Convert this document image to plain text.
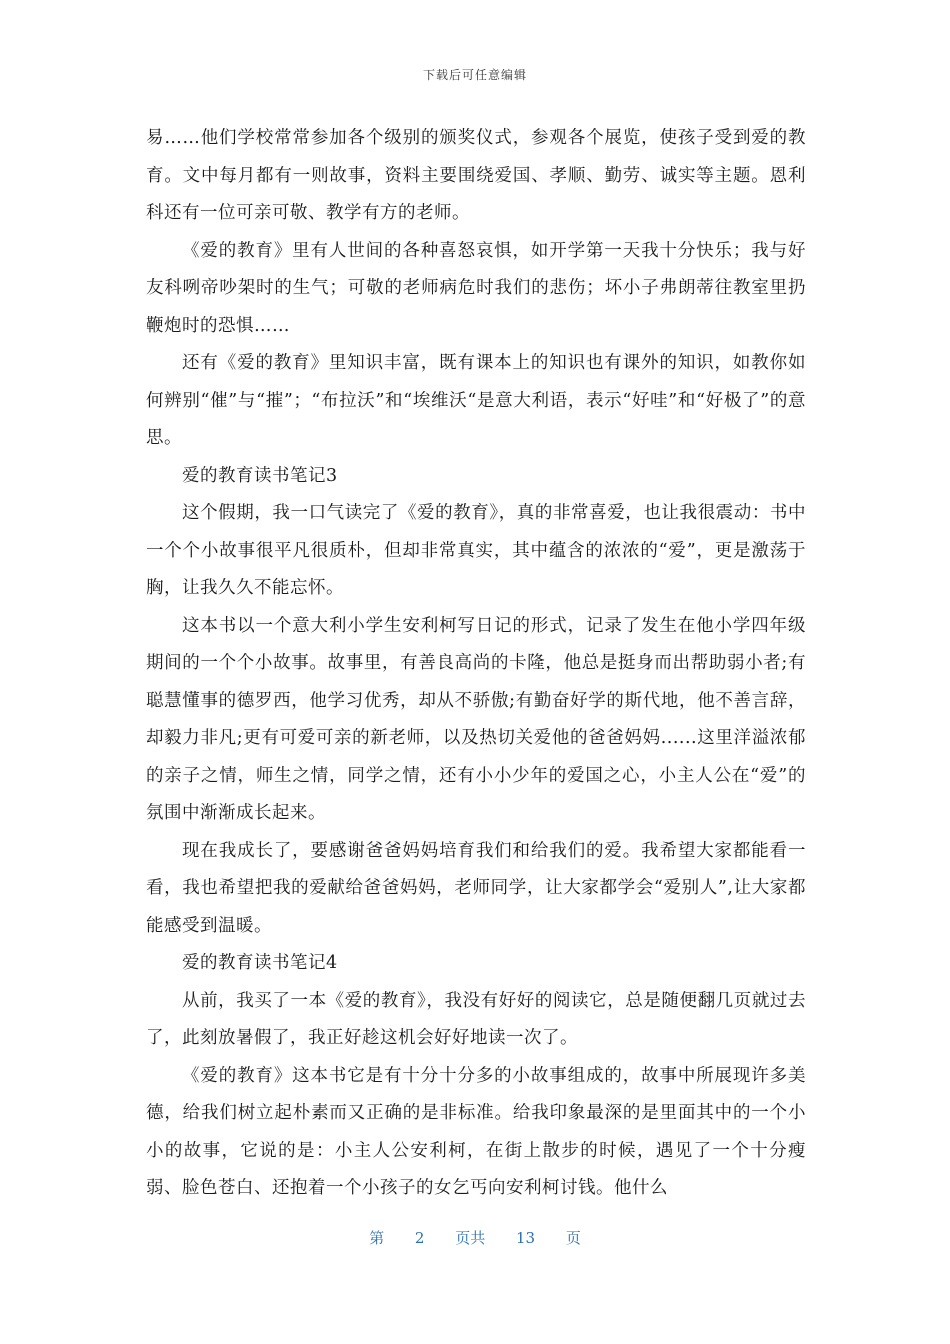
下载后可任意编辑

易……他们学校常常参加各个级别的颁奖仪式，参观各个展览，使孩子受到爱的教育。文中每月都有一则故事，资料主要围绕爱国、孝顺、勤劳、诚实等主题。恩利科还有一位可亲可敬、教学有方的老师。

《爱的教育》里有人世间的各种喜怒哀惧，如开学第一天我十分快乐；我与好友科咧帝吵架时的生气；可敬的老师病危时我们的悲伤；坏小子弗朗蒂往教室里扔鞭炮时的恐惧……

还有《爱的教育》里知识丰富，既有课本上的知识也有课外的知识，如教你如何辨别“催”与“摧”；“布拉沃”和“埃维沃“是意大利语，表示“好哇”和“好极了”的意思。

爱的教育读书笔记3

这个假期，我一口气读完了《爱的教育》，真的非常喜爱，也让我很震动：书中一个个小故事很平凡很质朴，但却非常真实，其中蕴含的浓浓的“爱”，更是激荡于胸，让我久久不能忘怀。

这本书以一个意大利小学生安利柯写日记的形式，记录了发生在他小学四年级期间的一个个小故事。故事里，有善良高尚的卡隆，他总是挺身而出帮助弱小者;有聪慧懂事的德罗西，他学习优秀，却从不骄傲;有勤奋好学的斯代地，他不善言辞，却毅力非凡;更有可爱可亲的新老师，以及热切关爱他的爸爸妈妈......这里洋溢浓郁的亲子之情，师生之情，同学之情，还有小小少年的爱国之心，小主人公在“爱”的氛围中渐渐成长起来。

现在我成长了，要感谢爸爸妈妈培育我们和给我们的爱。我希望大家都能看一看，我也希望把我的爱献给爸爸妈妈，老师同学，让大家都学会“爱别人”,让大家都能感受到温暖。

爱的教育读书笔记4

从前，我买了一本《爱的教育》，我没有好好的阅读它，总是随便翻几页就过去了，此刻放暑假了，我正好趁这机会好好地读一次了。

《爱的教育》这本书它是有十分十分多的小故事组成的，故事中所展现许多美德，给我们树立起朴素而又正确的是非标准。给我印象最深的是里面其中的一个小小的故事，它说的是：小主人公安利柯，在街上散步的时候，遇见了一个十分瘦弱、脸色苍白、还抱着一个小孩子的女乞丐向安利柯讨钱。他什么

第 2 页共 13 页
